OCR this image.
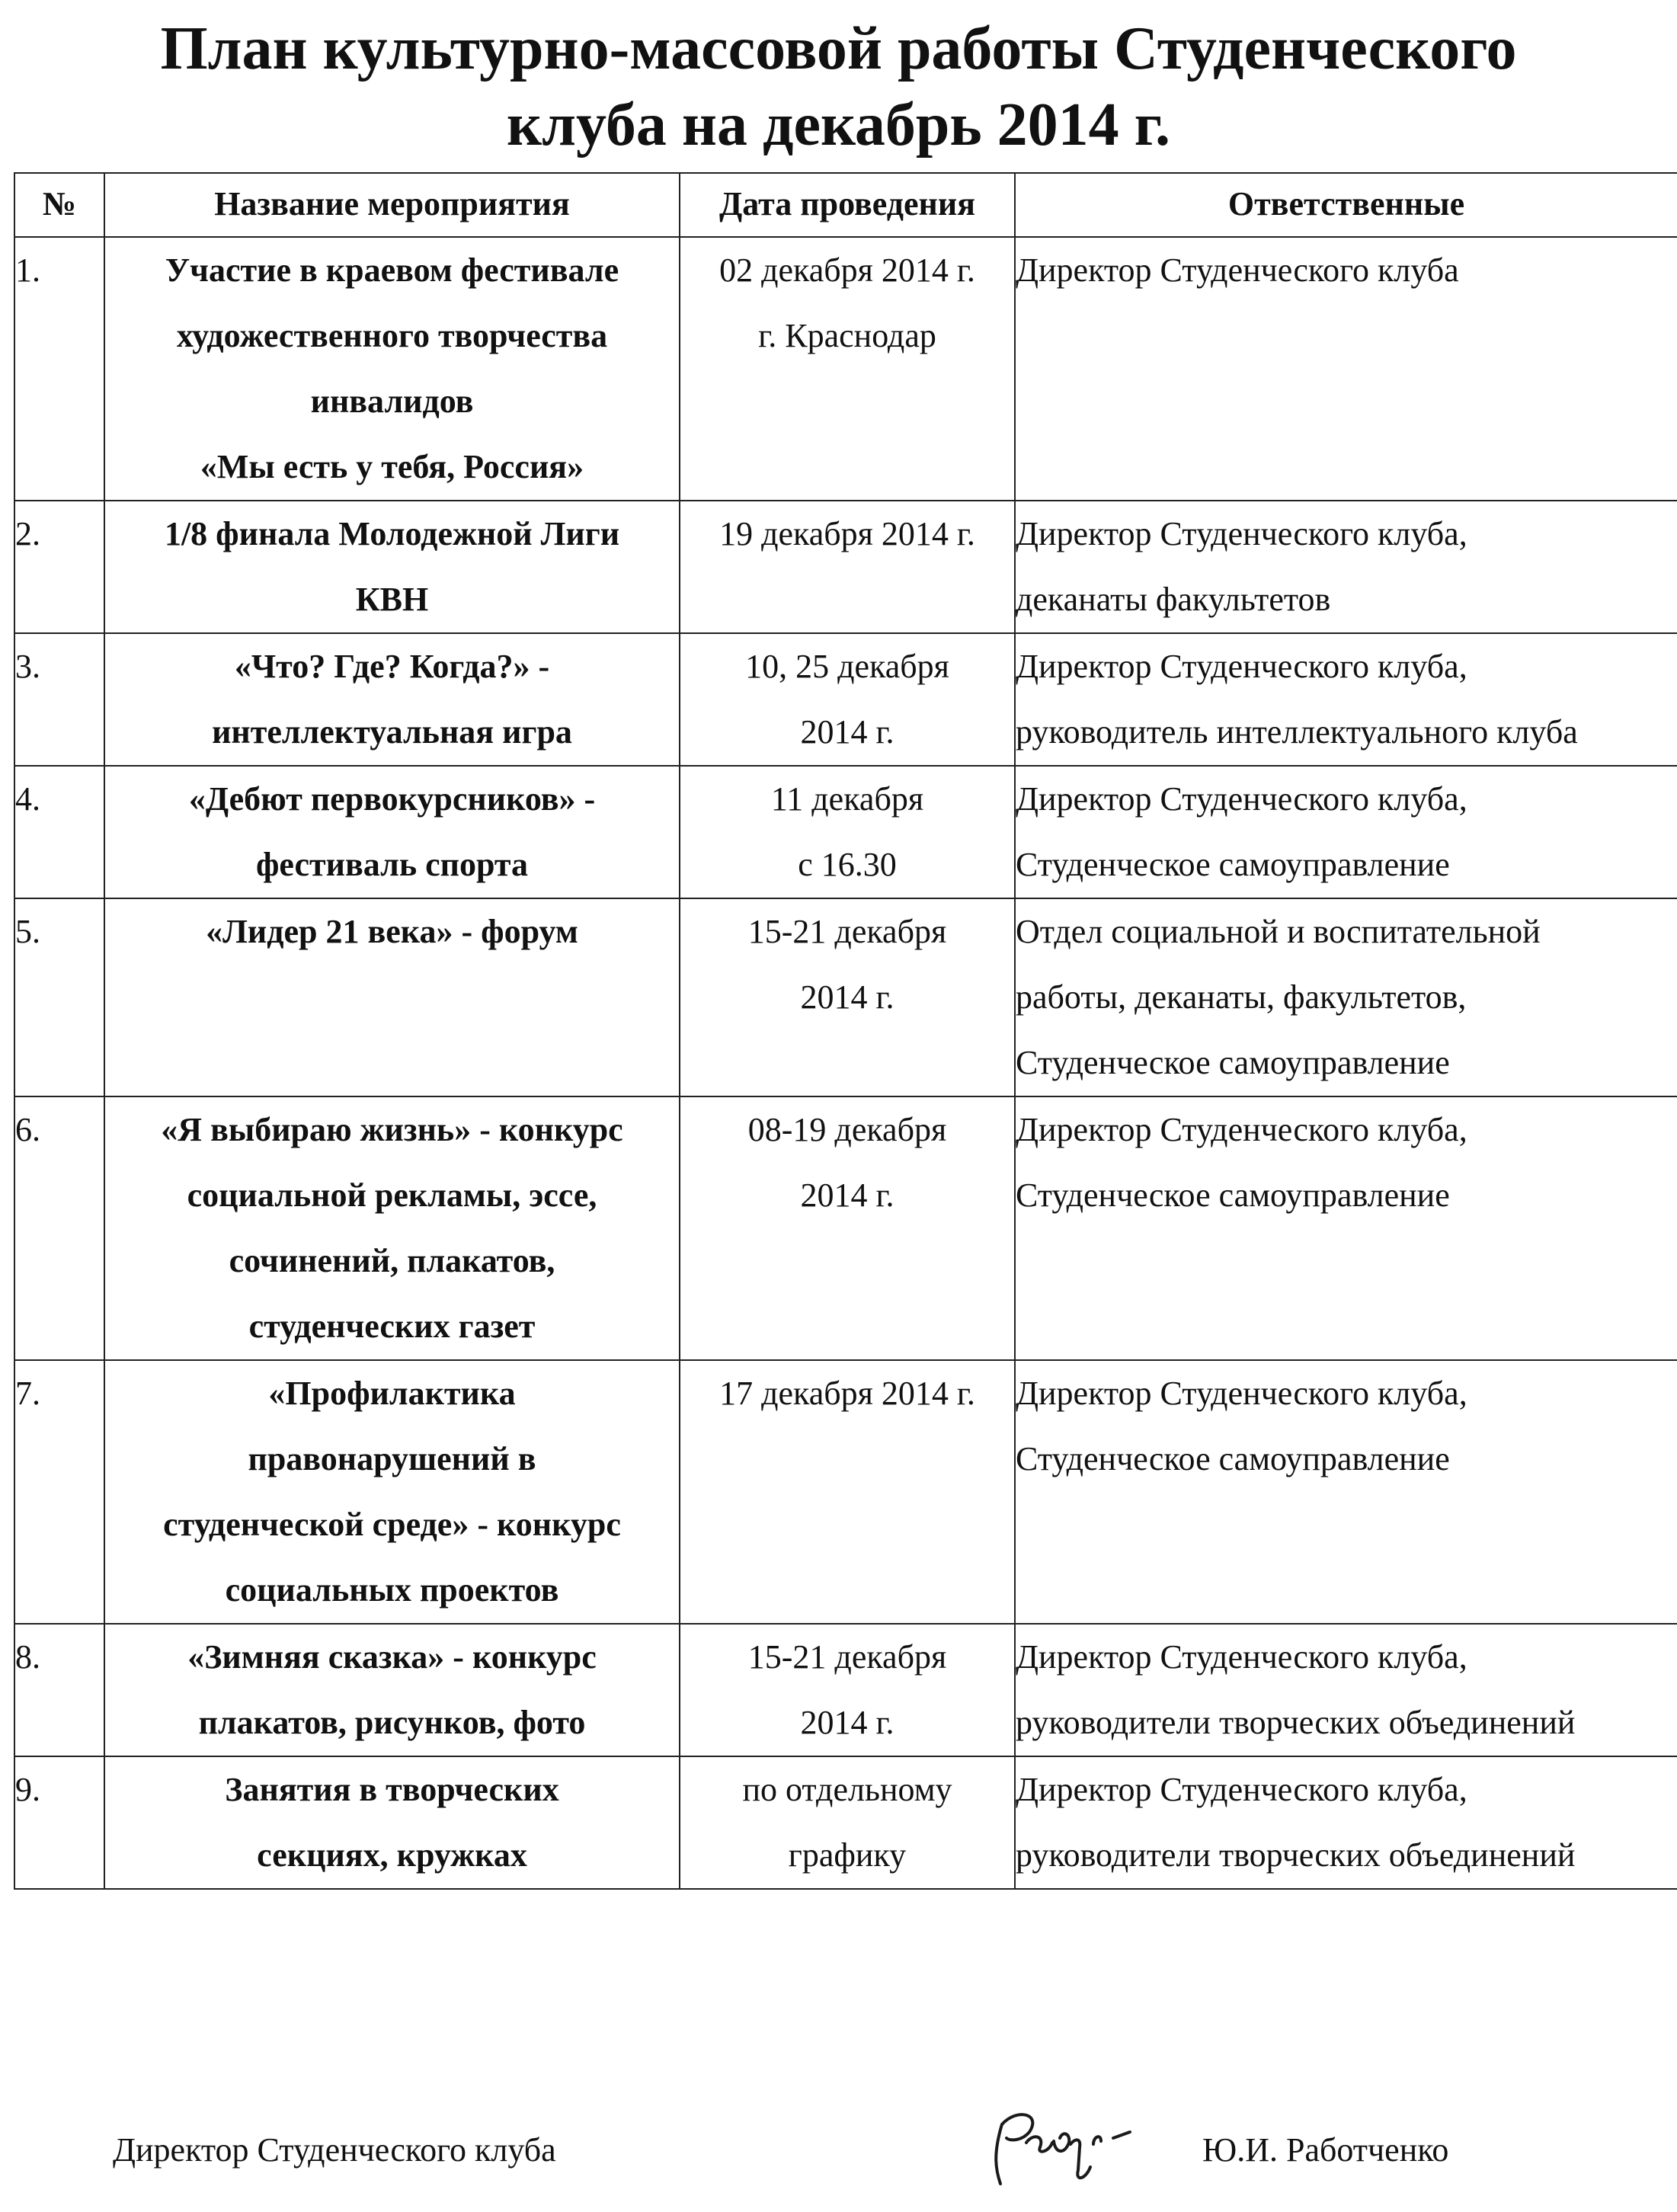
План культурно-массовой работы Студенческого
клуба на декабрь 2014 г.
№	Название мероприятия	Дата проведения	Ответственные
1.	Участие в краевом фестивале
художественного творчества
инвалидов
«Мы есть у тебя, Россия»	02 декабря 2014 г.
г. Краснодар	Директор Студенческого клуба

2.	1/8 финала Молодежной Лиги
КВН	19 декабря 2014 г.	Директор Студенческого клуба,
деканаты факультетов

3.	«Что? Где? Когда?» -
интеллектуальная игра	10, 25 декабря
2014 г.	Директор Студенческого клуба,
руководитель интеллектуального клуба

4.	«Дебют первокурсников» -
фестиваль спорта	11 декабря
с 16.30	Директор Студенческого клуба,
Студенческое самоуправление

5.	«Лидер 21 века» - форум	15-21 декабря
2014 г.	Отдел социальной и воспитательной
работы, деканаты, факультетов,
Студенческое самоуправление

6.	«Я выбираю жизнь» - конкурс
социальной рекламы, эссе,
сочинений, плакатов,
студенческих газет	08-19 декабря
2014 г.	Директор Студенческого клуба,
Студенческое самоуправление

7.	«Профилактика
правонарушений в
студенческой среде» - конкурс
социальных проектов	17 декабря 2014 г.	Директор Студенческого клуба,
Студенческое самоуправление

8.	«Зимняя сказка» - конкурс
плакатов, рисунков, фото	15-21 декабря
2014 г.	Директор Студенческого клуба,
руководители творческих объединений

9.	Занятия в творческих
секциях, кружках	по отдельному
графику	Директор Студенческого клуба,
руководители творческих объединений
Директор Студенческого клуба	Ю.И. Работченко
